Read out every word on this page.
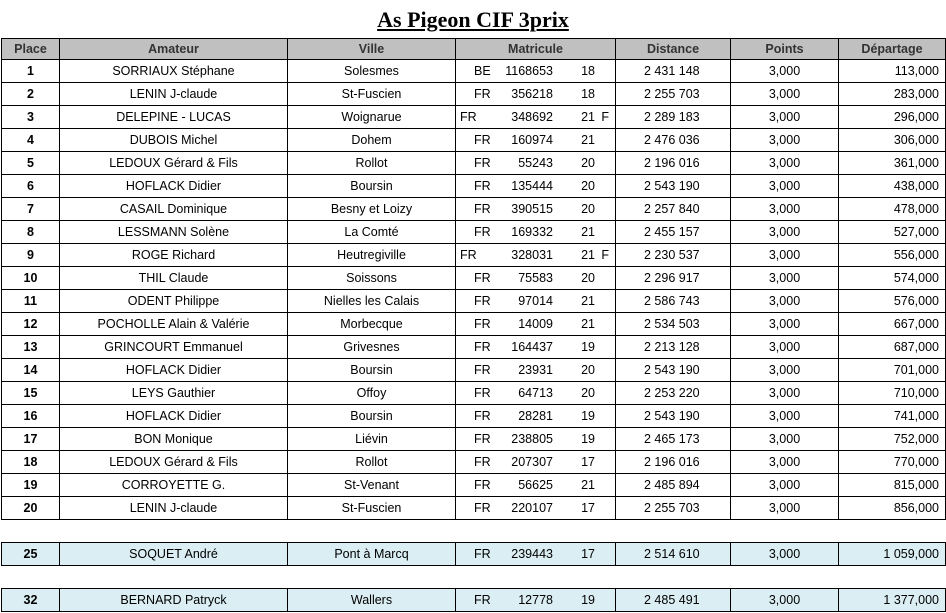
As Pigeon CIF 3prix
Place	Amateur	Ville	Matricule	Distance	Points	Départage
1	SORRIAUX Stéphane	Solesmes	BE 1168653 18	2 431 148	3,000	113,000
2	LENIN J-claude	St-Fuscien	FR 356218 18	2 255 703	3,000	283,000
3	DELEPINE - LUCAS	Woignarue	FR 348692 21 F	2 289 183	3,000	296,000
4	DUBOIS Michel	Dohem	FR 160974 21	2 476 036	3,000	306,000
5	LEDOUX Gérard & Fils	Rollot	FR 55243 20	2 196 016	3,000	361,000
6	HOFLACK Didier	Boursin	FR 135444 20	2 543 190	3,000	438,000
7	CASAIL Dominique	Besny et Loizy	FR 390515 20	2 257 840	3,000	478,000
8	LESSMANN Solène	La Comté	FR 169332 21	2 455 157	3,000	527,000
9	ROGE Richard	Heutregiville	FR 328031 21 F	2 230 537	3,000	556,000
10	THIL Claude	Soissons	FR 75583 20	2 296 917	3,000	574,000
11	ODENT Philippe	Nielles les Calais	FR 97014 21	2 586 743	3,000	576,000
12	POCHOLLE Alain & Valérie	Morbecque	FR 14009 21	2 534 503	3,000	667,000
13	GRINCOURT Emmanuel	Grivesnes	FR 164437 19	2 213 128	3,000	687,000
14	HOFLACK Didier	Boursin	FR 23931 20	2 543 190	3,000	701,000
15	LEYS Gauthier	Offoy	FR 64713 20	2 253 220	3,000	710,000
16	HOFLACK Didier	Boursin	FR 28281 19	2 543 190	3,000	741,000
17	BON Monique	Liévin	FR 238805 19	2 465 173	3,000	752,000
18	LEDOUX Gérard & Fils	Rollot	FR 207307 17	2 196 016	3,000	770,000
19	CORROYETTE G.	St-Venant	FR 56625 21	2 485 894	3,000	815,000
20	LENIN J-claude	St-Fuscien	FR 220107 17	2 255 703	3,000	856,000

25	SOQUET André	Pont à Marcq	FR 239443 17	2 514 610	3,000	1 059,000

32	BERNARD Patryck	Wallers	FR 12778 19	2 485 491	3,000	1 377,000
